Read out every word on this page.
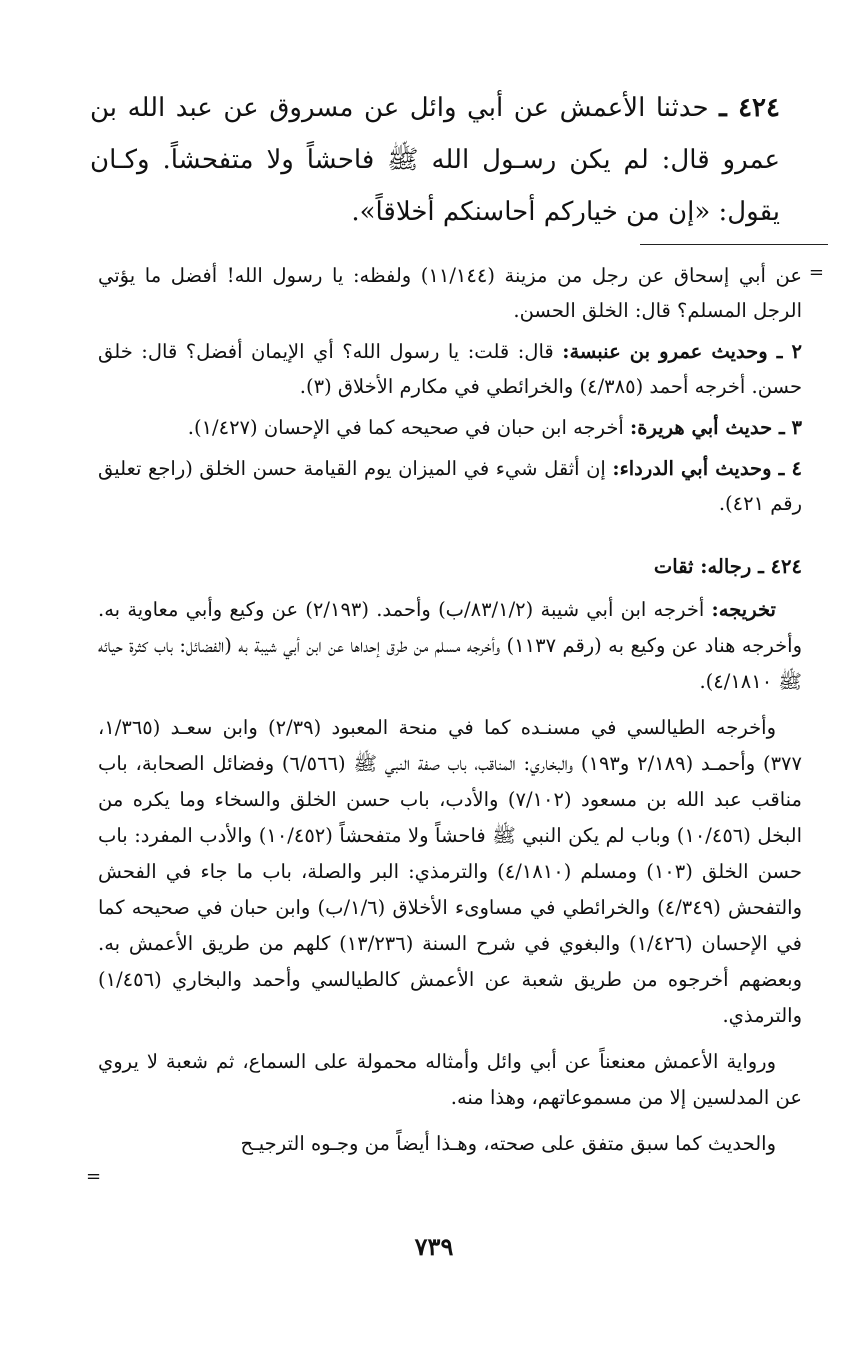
٤٢٤ ـ حدثنا الأعمش عن أبي وائل عن مسروق عن عبد الله بن عمرو قال: لم يكن رسـول الله ﷺ فاحشاً ولا متفحشاً. وكـان يقول: «إن من خياركم أحاسنكم أخلاقاً».
=

عن أبي إسحاق عن رجل من مزينة (١١/١٤٤) ولفظه: يا رسول الله! أفضل ما يؤتي الرجل المسلم؟ قال: الخلق الحسن.

٢ ـ وحديث عمرو بن عنبسة: قال: قلت: يا رسول الله؟ أي الإيمان أفضل؟ قال: خلق حسن. أخرجه أحمد (٤/٣٨٥) والخرائطي في مكارم الأخلاق (٣).

٣ ـ حديث أبي هريرة: أخرجه ابن حبان في صحيحه كما في الإحسان (١/٤٢٧).

٤ ـ وحديث أبي الدرداء: إن أثقل شيء في الميزان يوم القيامة حسن الخلق (راجع تعليق رقم ٤٢١).

٤٢٤ ـ رجاله: ثقات

تخريجه: أخرجه ابن أبي شيبة (٨٣/١/٢/ب) وأحمد. (٢/١٩٣) عن وكيع وأبي معاوية به. وأخرجه هناد عن وكيع به (رقم ١١٣٧) وأخرجه مسلم من طرق إحداها عن ابن أبي شيبة به (الفضائل: باب كثرة حيائه ﷺ ٤/١٨١٠).

وأخرجه الطيالسي في مسنـده كما في منحة المعبود (٢/٣٩) وابن سعـد (١/٣٦٥، ٣٧٧) وأحمـد (٢/١٨٩ و١٩٣) والبخاري: المناقب، باب صفة النبي ﷺ (٦/٥٦٦) وفضائل الصحابة، باب مناقب عبد الله بن مسعود (٧/١٠٢) والأدب، باب حسن الخلق والسخاء وما يكره من البخل (١٠/٤٥٦) وباب لم يكن النبي ﷺ فاحشاً ولا متفحشاً (١٠/٤٥٢) والأدب المفرد: باب حسن الخلق (١٠٣) ومسلم (٤/١٨١٠) والترمذي: البر والصلة، باب ما جاء في الفحش والتفحش (٤/٣٤٩) والخرائطي في مساوىء الأخلاق (١/٦/ب) وابن حبان في صحيحه كما في الإحسان (١/٤٢٦) والبغوي في شرح السنة (١٣/٢٣٦) كلهم من طريق الأعمش به. وبعضهم أخرجوه من طريق شعبة عن الأعمش كالطيالسي وأحمد والبخاري (١/٤٥٦) والترمذي.

ورواية الأعمش معنعناً عن أبي وائل وأمثاله محمولة على السماع، ثم شعبة لا يروي عن المدلسين إلا من مسموعاتهم، وهذا منه.

والحديث كما سبق متفق على صحته، وهـذا أيضاً من وجـوه الترجيـح

=
٧٣٩
